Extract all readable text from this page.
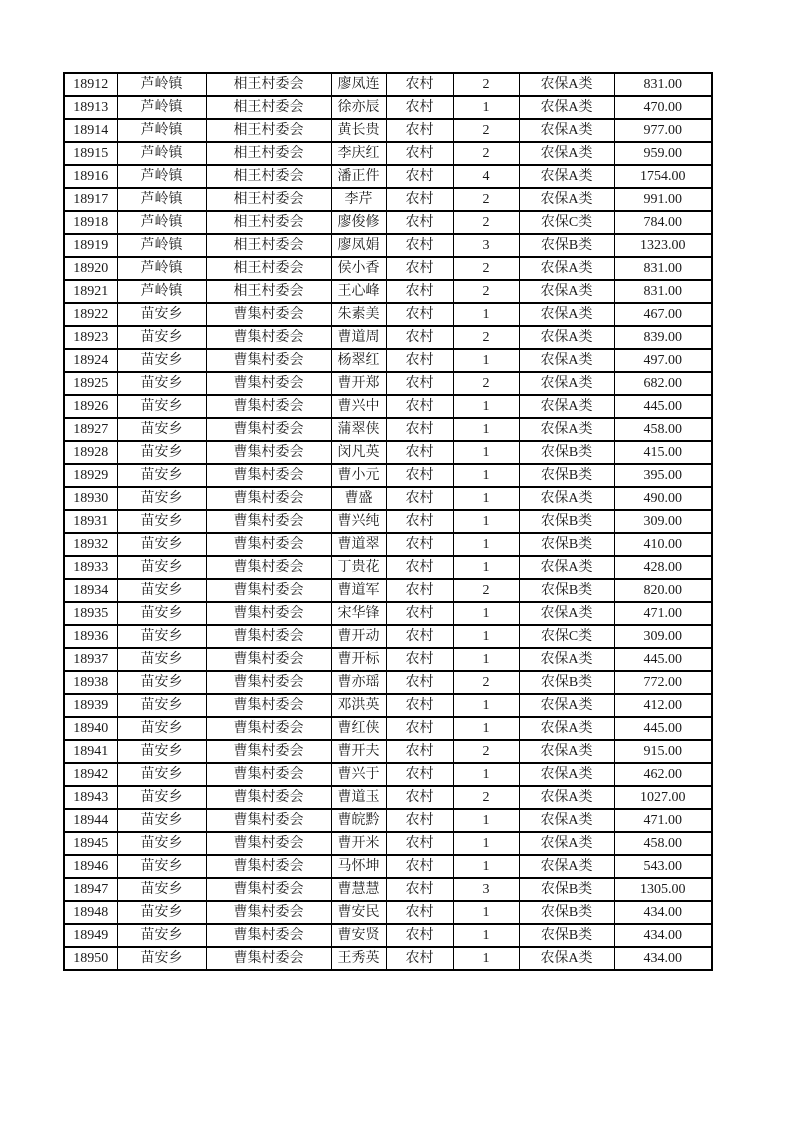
18912	芦岭镇	相王村委会	廖凤连	农村	2	农保A类	831.00
18913	芦岭镇	相王村委会	徐亦辰	农村	1	农保A类	470.00
18914	芦岭镇	相王村委会	黄长贵	农村	2	农保A类	977.00
18915	芦岭镇	相王村委会	李庆红	农村	2	农保A类	959.00
18916	芦岭镇	相王村委会	潘正件	农村	4	农保A类	1754.00
18917	芦岭镇	相王村委会	李芹	农村	2	农保A类	991.00
18918	芦岭镇	相王村委会	廖俊修	农村	2	农保C类	784.00
18919	芦岭镇	相王村委会	廖凤娟	农村	3	农保B类	1323.00
18920	芦岭镇	相王村委会	侯小香	农村	2	农保A类	831.00
18921	芦岭镇	相王村委会	王心峰	农村	2	农保A类	831.00
18922	苗安乡	曹集村委会	朱素美	农村	1	农保A类	467.00
18923	苗安乡	曹集村委会	曹道周	农村	2	农保A类	839.00
18924	苗安乡	曹集村委会	杨翠红	农村	1	农保A类	497.00
18925	苗安乡	曹集村委会	曹开郑	农村	2	农保A类	682.00
18926	苗安乡	曹集村委会	曹兴中	农村	1	农保A类	445.00
18927	苗安乡	曹集村委会	蒲翠侠	农村	1	农保A类	458.00
18928	苗安乡	曹集村委会	闵凡英	农村	1	农保B类	415.00
18929	苗安乡	曹集村委会	曹小元	农村	1	农保B类	395.00
18930	苗安乡	曹集村委会	曹盛	农村	1	农保A类	490.00
18931	苗安乡	曹集村委会	曹兴纯	农村	1	农保B类	309.00
18932	苗安乡	曹集村委会	曹道翠	农村	1	农保B类	410.00
18933	苗安乡	曹集村委会	丁贵花	农村	1	农保A类	428.00
18934	苗安乡	曹集村委会	曹道军	农村	2	农保B类	820.00
18935	苗安乡	曹集村委会	宋华锋	农村	1	农保A类	471.00
18936	苗安乡	曹集村委会	曹开动	农村	1	农保C类	309.00
18937	苗安乡	曹集村委会	曹开标	农村	1	农保A类	445.00
18938	苗安乡	曹集村委会	曹亦瑶	农村	2	农保B类	772.00
18939	苗安乡	曹集村委会	邓洪英	农村	1	农保A类	412.00
18940	苗安乡	曹集村委会	曹红侠	农村	1	农保A类	445.00
18941	苗安乡	曹集村委会	曹开夫	农村	2	农保A类	915.00
18942	苗安乡	曹集村委会	曹兴于	农村	1	农保A类	462.00
18943	苗安乡	曹集村委会	曹道玉	农村	2	农保A类	1027.00
18944	苗安乡	曹集村委会	曹皖黔	农村	1	农保A类	471.00
18945	苗安乡	曹集村委会	曹开米	农村	1	农保A类	458.00
18946	苗安乡	曹集村委会	马怀坤	农村	1	农保A类	543.00
18947	苗安乡	曹集村委会	曹慧慧	农村	3	农保B类	1305.00
18948	苗安乡	曹集村委会	曹安民	农村	1	农保B类	434.00
18949	苗安乡	曹集村委会	曹安贤	农村	1	农保B类	434.00
18950	苗安乡	曹集村委会	王秀英	农村	1	农保A类	434.00
